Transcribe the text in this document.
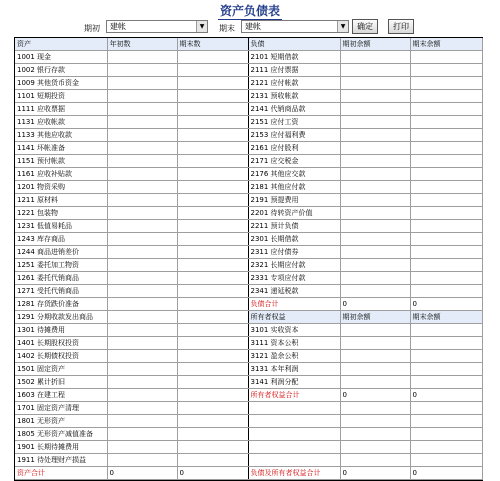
资产负债表
期初	建帐	▼	期末	建帐	▼	确定	打印
资产	年初数	期末数	负债	期初余额	期末余额
1001 现金			2101 短期借款		
1002 银行存款			2111 应付票据		
1009 其他货币资金			2121 应付帐款		
1101 短期投资			2131 预收帐款		
1111 应收票据			2141 代销商品款		
1131 应收帐款			2151 应付工资		
1133 其他应收款			2153 应付福利费		
1141 坏帐准备			2161 应付股利		
1151 预付帐款			2171 应交税金		
1161 应收补贴款			2176 其他应交款		
1201 物资采购			2181 其他应付款		
1211 原材料			2191 预提费用		
1221 包装物			2201 待转资产价值		
1231 低值易耗品			2211 预计负债		
1243 库存商品			2301 长期借款		
1244 商品进销差价			2311 应付债券		
1251 委托加工物资			2321 长期应付款		
1261 委托代销商品			2331 专项应付款		
1271 受托代销商品			2341 递延税款		
1281 存货跌价准备			负债合计	0	0
1291 分期收款发出商品			所有者权益	期初余额	期末余额
1301 待摊费用			3101 实收资本		
1401 长期股权投资			3111 资本公积		
1402 长期债权投资			3121 盈余公积		
1501 固定资产			3131 本年利润		
1502 累计折旧			3141 利润分配		
1603 在建工程			所有者权益合计	0	0
1701 固定资产清理					
1801 无形资产					
1805 无形资产减值准备					
1901 长期待摊费用					
1911 待处理财产损益					
资产合计	0	0	负债及所有者权益合计	0	0
